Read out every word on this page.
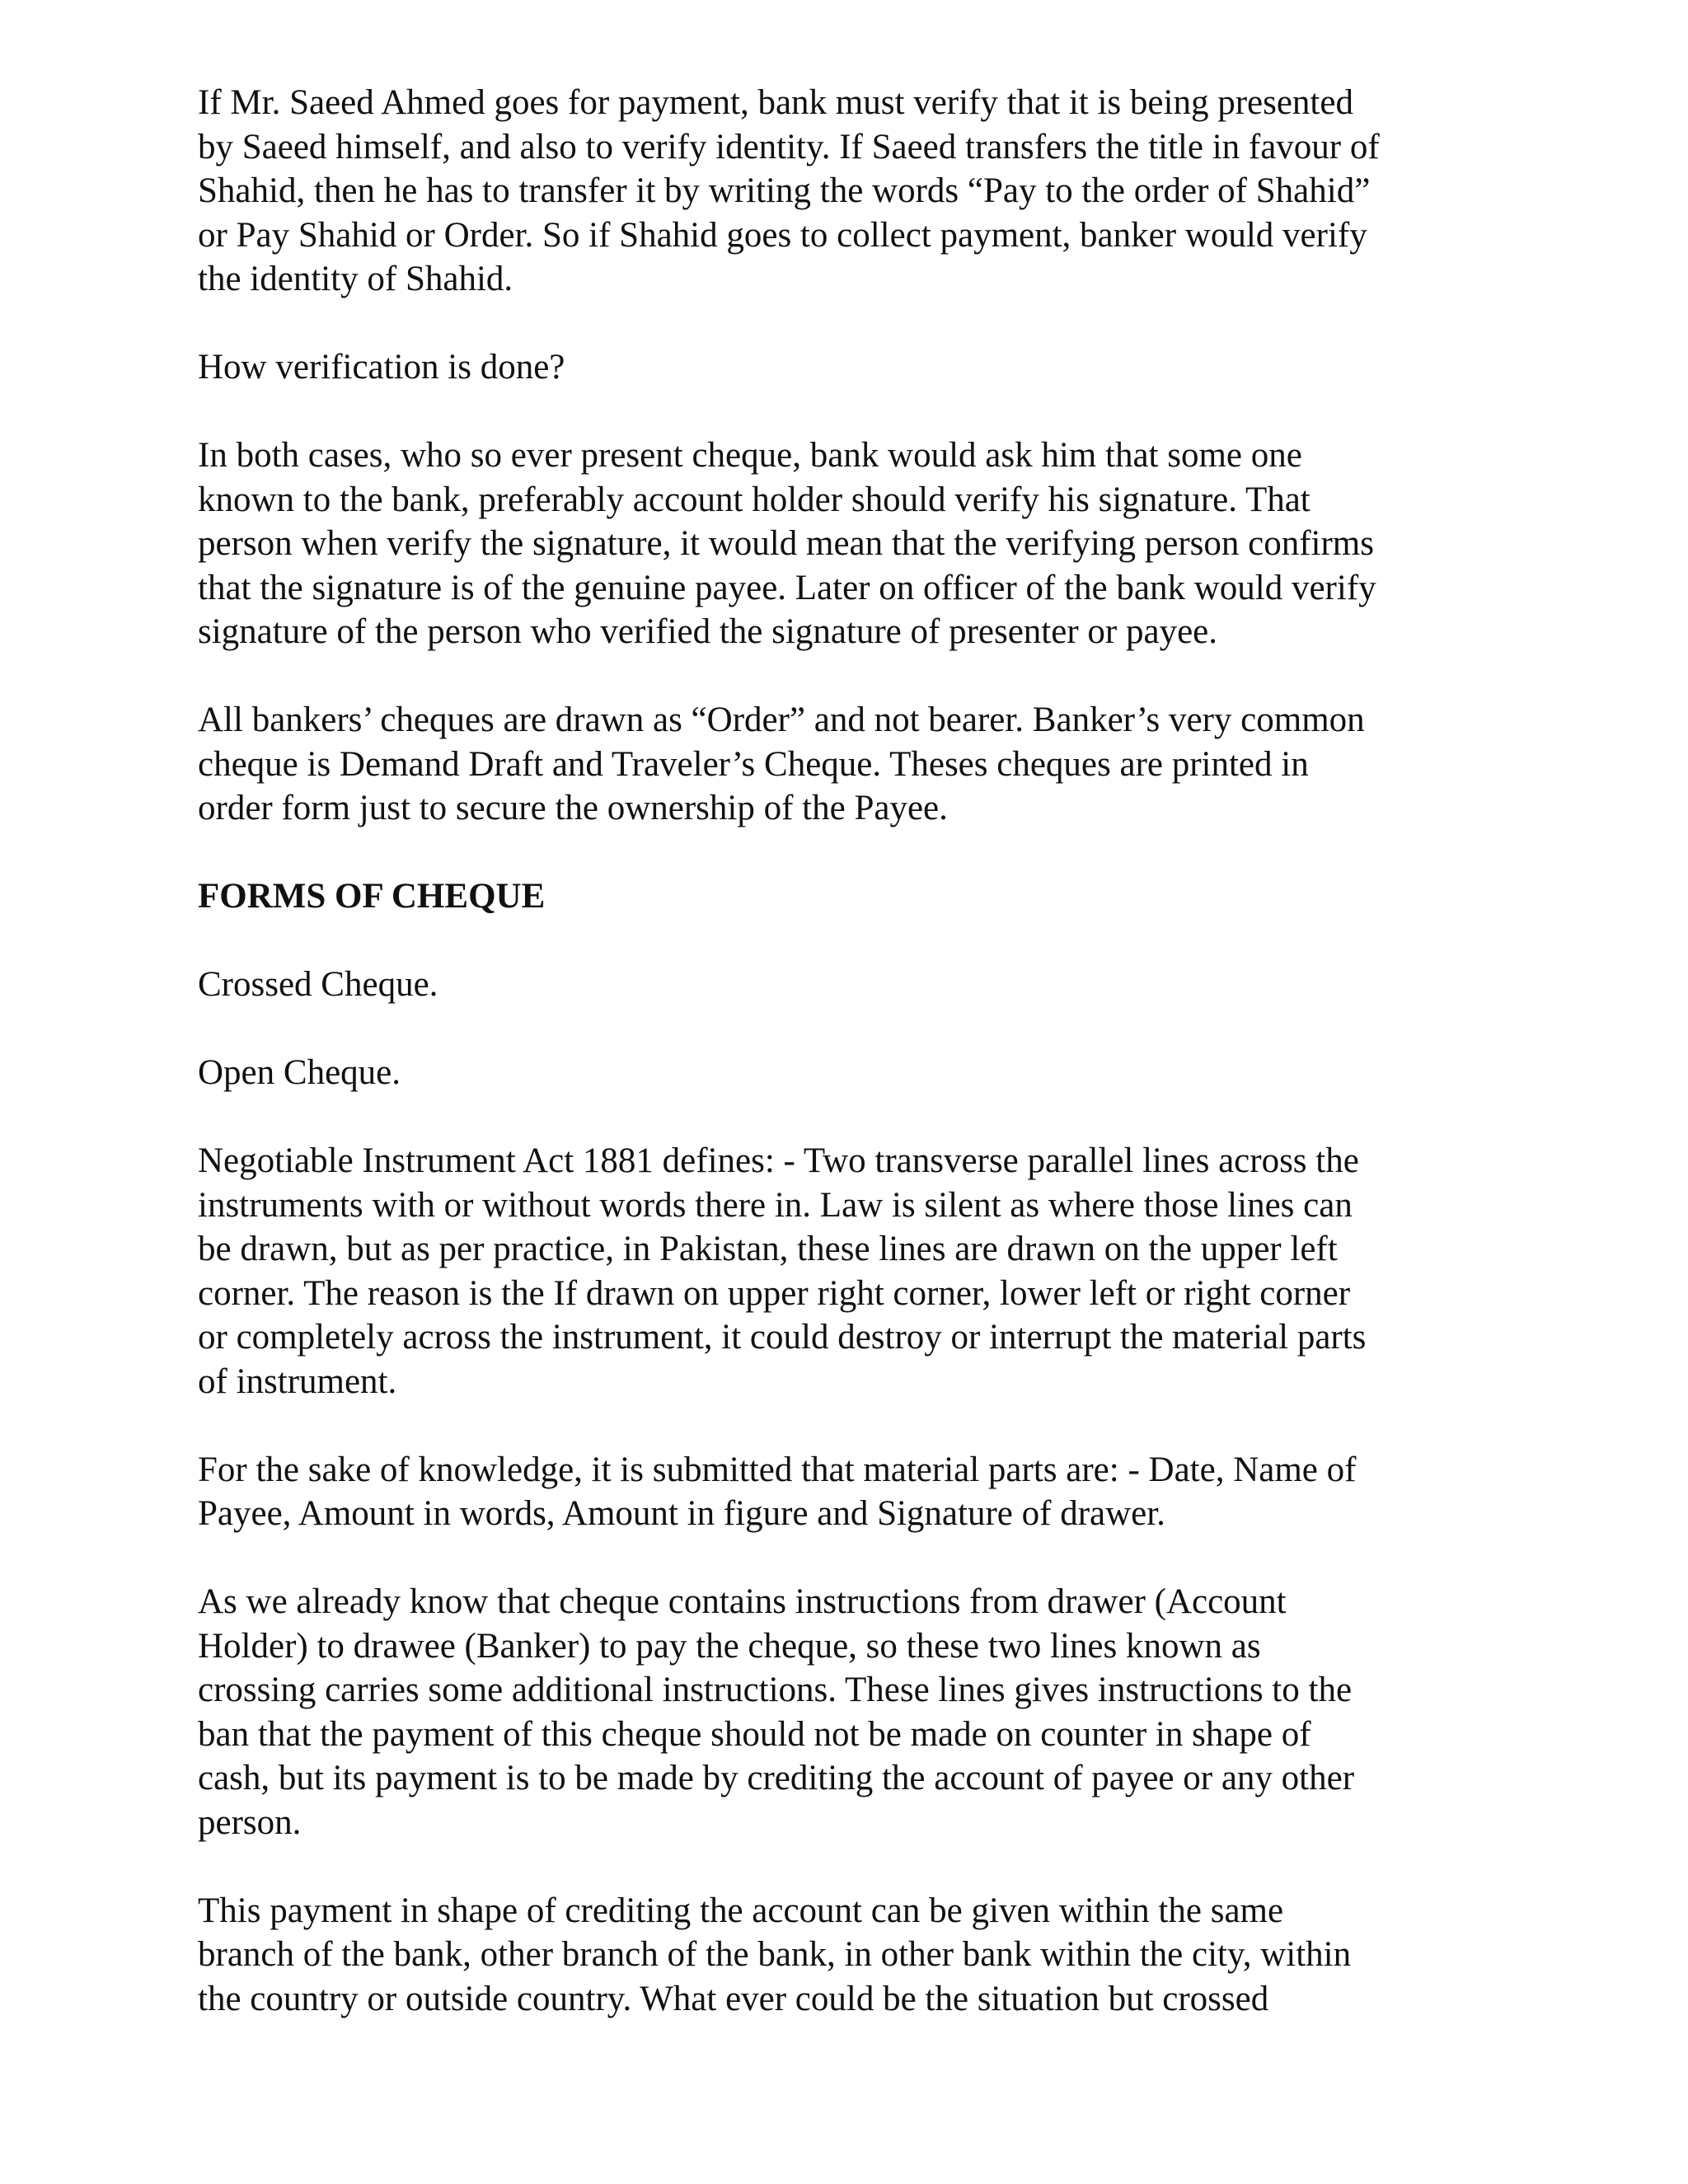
If Mr. Saeed Ahmed goes for payment, bank must verify that it is being presented
by Saeed himself, and also to verify identity. If Saeed transfers the title in favour of
Shahid, then he has to transfer it by writing the words “Pay to the order of Shahid”
or Pay Shahid or Order. So if Shahid goes to collect payment, banker would verify
the identity of Shahid.
How verification is done?
In both cases, who so ever present cheque, bank would ask him that some one
known to the bank, preferably account holder should verify his signature. That
person when verify the signature, it would mean that the verifying person confirms
that the signature is of the genuine payee. Later on officer of the bank would verify
signature of the person who verified the signature of presenter or payee.
All bankers’ cheques are drawn as “Order” and not bearer. Banker’s very common
cheque is Demand Draft and Traveler’s Cheque. Theses cheques are printed in
order form just to secure the ownership of the Payee.
FORMS OF CHEQUE
Crossed Cheque.
Open Cheque.
Negotiable Instrument Act 1881 defines: - Two transverse parallel lines across the
instruments with or without words there in. Law is silent as where those lines can
be drawn, but as per practice, in Pakistan, these lines are drawn on the upper left
corner. The reason is the If drawn on upper right corner, lower left or right corner
or completely across the instrument, it could destroy or interrupt the material parts
of instrument.
For the sake of knowledge, it is submitted that material parts are: - Date, Name of
Payee, Amount in words, Amount in figure and Signature of drawer.
As we already know that cheque contains instructions from drawer (Account
Holder) to drawee (Banker) to pay the cheque, so these two lines known as
crossing carries some additional instructions. These lines gives instructions to the
ban that the payment of this cheque should not be made on counter in shape of
cash, but its payment is to be made by crediting the account of payee or any other
person.
This payment in shape of crediting the account can be given within the same
branch of the bank, other branch of the bank, in other bank within the city, within
the country or outside country. What ever could be the situation but crossed
